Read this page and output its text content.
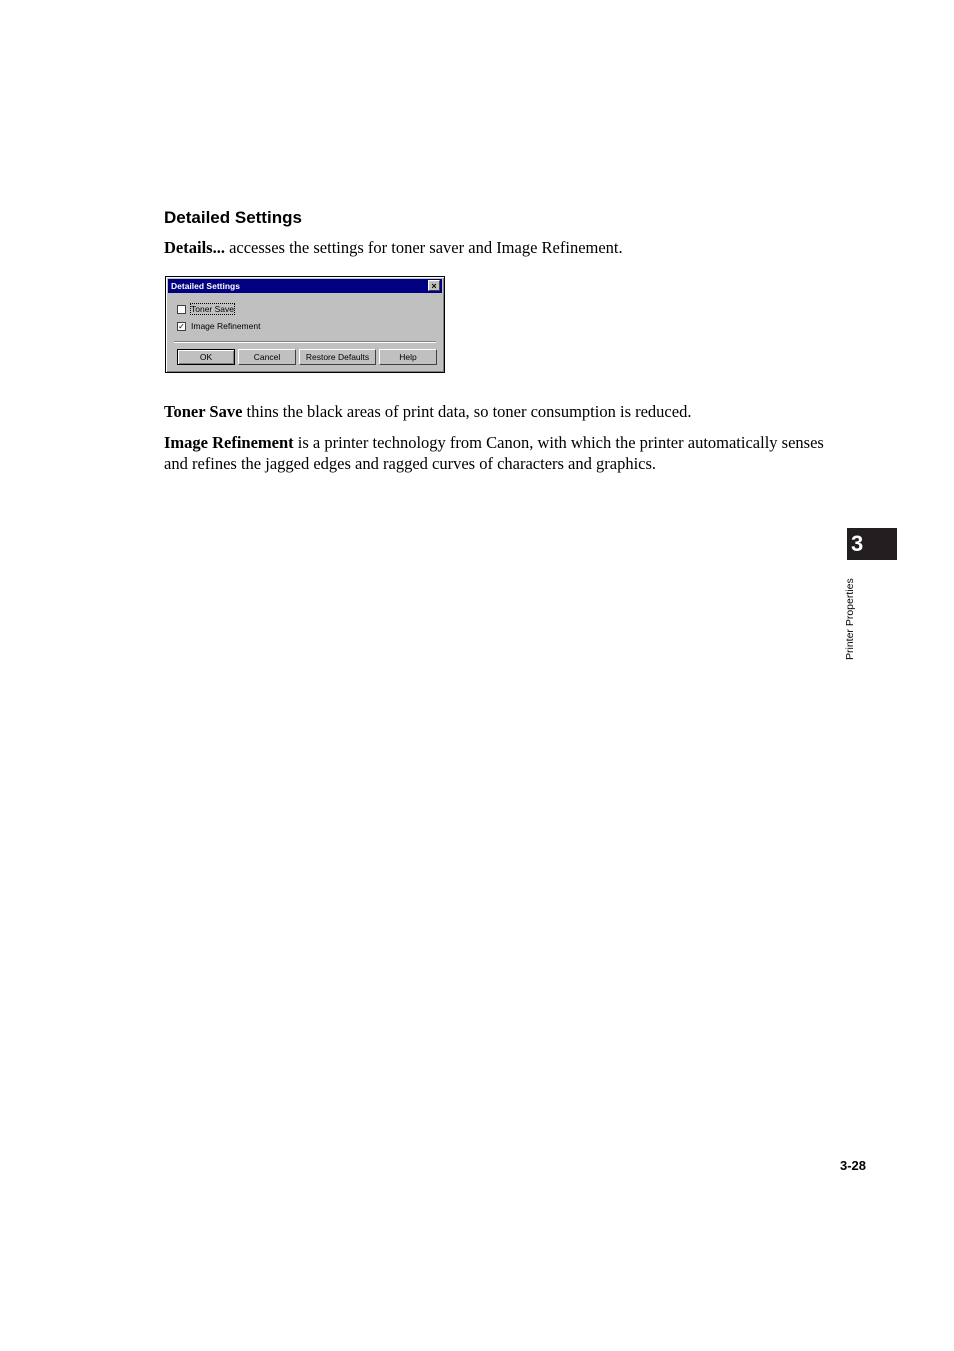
Detailed Settings
Details... accesses the settings for toner saver and Image Refinement.
Detailed Settings	×
Toner Save
✓ Image Refinement
OK	Cancel	Restore Defaults	Help
Toner Save thins the black areas of print data, so toner consumption is reduced.
Image Refinement is a printer technology from Canon, with which the printer automatically senses and refines the jagged edges and ragged curves of characters and graphics.
3
Printer Properties
3-28
